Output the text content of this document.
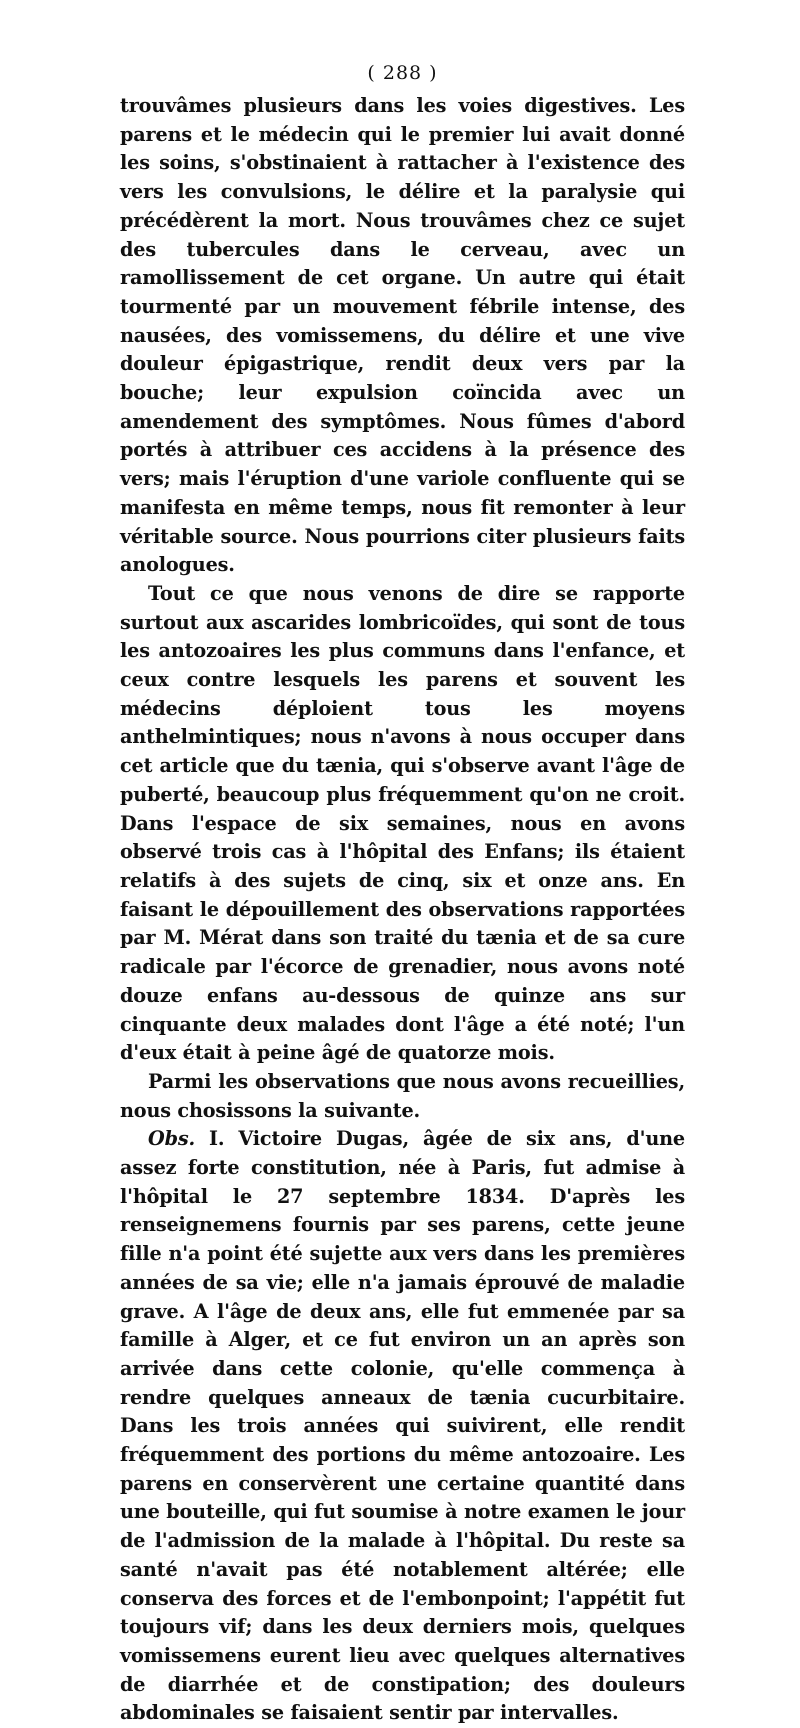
( 288 )

trouvâmes plusieurs dans les voies digestives. Les parens et le médecin qui le premier lui avait donné les soins, s'obstinaient à rattacher à l'existence des vers les convulsions, le délire et la paralysie qui précédèrent la mort. Nous trouvâmes chez ce sujet des tubercules dans le cerveau, avec un ramollissement de cet organe. Un autre qui était tourmenté par un mouvement fébrile intense, des nausées, des vomissemens, du délire et une vive douleur épigastrique, rendit deux vers par la bouche; leur expulsion coïncida avec un amendement des symptômes. Nous fûmes d'abord portés à attribuer ces accidens à la présence des vers; mais l'éruption d'une variole confluente qui se manifesta en même temps, nous fit remonter à leur véritable source. Nous pourrions citer plusieurs faits anologues.

Tout ce que nous venons de dire se rapporte surtout aux ascarides lombricoïdes, qui sont de tous les antozoaires les plus communs dans l'enfance, et ceux contre lesquels les parens et souvent les médecins déploient tous les moyens anthelmintiques; nous n'avons à nous occuper dans cet article que du tænia, qui s'observe avant l'âge de puberté, beaucoup plus fréquemment qu'on ne croit. Dans l'espace de six semaines, nous en avons observé trois cas à l'hôpital des Enfans; ils étaient relatifs à des sujets de cinq, six et onze ans. En faisant le dépouillement des observations rapportées par M. Mérat dans son traité du tænia et de sa cure radicale par l'écorce de grenadier, nous avons noté douze enfans au-dessous de quinze ans sur cinquante deux malades dont l'âge a été noté; l'un d'eux était à peine âgé de quatorze mois.

Parmi les observations que nous avons recueillies, nous chosissons la suivante.

Obs. I. Victoire Dugas, âgée de six ans, d'une assez forte constitution, née à Paris, fut admise à l'hôpital le 27 septembre 1834. D'après les renseignemens fournis par ses parens, cette jeune fille n'a point été sujette aux vers dans les premières années de sa vie; elle n'a jamais éprouvé de maladie grave. A l'âge de deux ans, elle fut emmenée par sa famille à Alger, et ce fut environ un an après son arrivée dans cette colonie, qu'elle commença à rendre quelques anneaux de tænia cucurbitaire. Dans les trois années qui suivirent, elle rendit fréquemment des portions du même antozoaire. Les parens en conservèrent une certaine quantité dans une bouteille, qui fut soumise à notre examen le jour de l'admission de la malade à l'hôpital. Du reste sa santé n'avait pas été notablement altérée; elle conserva des forces et de l'embonpoint; l'appétit fut toujours vif; dans les deux derniers mois, quelques vomissemens eurent lieu avec quelques alternatives de diarrhée et de constipation; des douleurs abdominales se faisaient sentir par intervalles.
